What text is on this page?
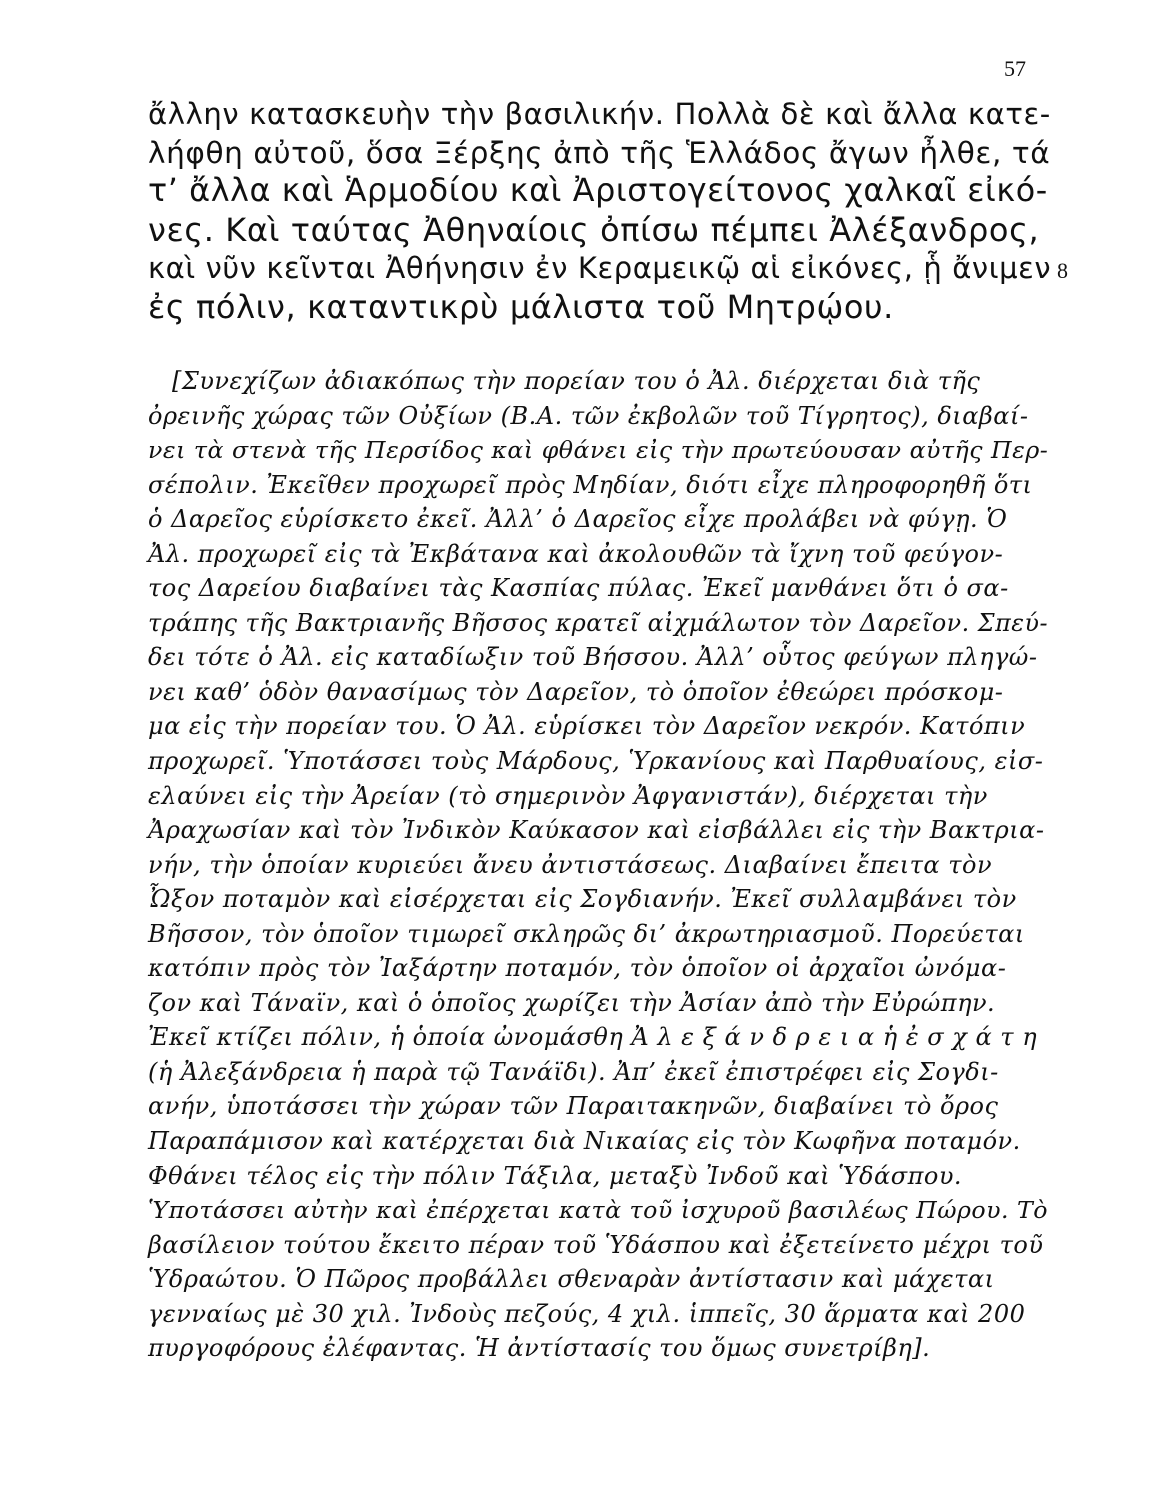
57
8
ἄλλην κατασκευὴν τὴν βασιλικήν. Πολλὰ δὲ καὶ ἄλλα κατε-
λήφθη αὐτοῦ, ὅσα Ξέρξης ἀπὸ τῆς Ἑλλάδος ἄγων ἦλθε, τά
τ’ ἄλλα καὶ Ἁρμοδίου καὶ Ἀριστογείτονος χαλκαῖ εἰκό-
νες. Καὶ ταύτας Ἀθηναίοις ὀπίσω πέμπει Ἀλέξανδρος,
καὶ νῦν κεῖνται Ἀθήνησιν ἐν Κεραμεικῷ αἱ εἰκόνες, ᾗ ἄνιμεν
ἐς πόλιν, καταντικρὺ μάλιστα τοῦ Μητρῴου.
[Συνεχίζων ἀδιακόπως τὴν πορείαν του ὁ Ἀλ. διέρχεται διὰ τῆς
ὀρεινῆς χώρας τῶν Οὐξίων (Β.Α. τῶν ἐκβολῶν τοῦ Τίγρητος), διαβαί-
νει τὰ στενὰ τῆς Περσίδος καὶ φθάνει εἰς τὴν πρωτεύουσαν αὐτῆς Περ-
σέπολιν. Ἐκεῖθεν προχωρεῖ πρὸς Μηδίαν, διότι εἶχε πληροφορηθῆ ὅτι
ὁ Δαρεῖος εὑρίσκετο ἐκεῖ. Ἀλλ’ ὁ Δαρεῖος εἶχε προλάβει νὰ φύγῃ. Ὁ
Ἀλ. προχωρεῖ εἰς τὰ Ἐκβάτανα καὶ ἀκολουθῶν τὰ ἴχνη τοῦ φεύγον-
τος Δαρείου διαβαίνει τὰς Κασπίας πύλας. Ἐκεῖ μανθάνει ὅτι ὁ σα-
τράπης τῆς Βακτριανῆς Βῆσσος κρατεῖ αἰχμάλωτον τὸν Δαρεῖον. Σπεύ-
δει τότε ὁ Ἀλ. εἰς καταδίωξιν τοῦ Βήσσου. Ἀλλ’ οὗτος φεύγων πληγώ-
νει καθ’ ὁδὸν θανασίμως τὸν Δαρεῖον, τὸ ὁποῖον ἐθεώρει πρόσκομ-
μα εἰς τὴν πορείαν του. Ὁ Ἀλ. εὑρίσκει τὸν Δαρεῖον νεκρόν. Κατόπιν
προχωρεῖ. Ὑποτάσσει τοὺς Μάρδους, Ὑρκανίους καὶ Παρθυαίους, εἰσ-
ελαύνει εἰς τὴν Ἀρείαν (τὸ σημερινὸν Ἀφγανιστάν), διέρχεται τὴν
Ἀραχωσίαν καὶ τὸν Ἰνδικὸν Καύκασον καὶ εἰσβάλλει εἰς τὴν Βακτρια-
νήν, τὴν ὁποίαν κυριεύει ἄνευ ἀντιστάσεως. Διαβαίνει ἔπειτα τὸν
Ὦξον ποταμὸν καὶ εἰσέρχεται εἰς Σογδιανήν. Ἐκεῖ συλλαμβάνει τὸν
Βῆσσον, τὸν ὁποῖον τιμωρεῖ σκληρῶς δι’ ἀκρωτηριασμοῦ. Πορεύεται
κατόπιν πρὸς τὸν Ἰαξάρτην ποταμόν, τὸν ὁποῖον οἱ ἀρχαῖοι ὠνόμα-
ζον καὶ Τάναϊν, καὶ ὁ ὁποῖος χωρίζει τὴν Ἀσίαν ἀπὸ τὴν Εὐρώπην.
Ἐκεῖ κτίζει πόλιν, ἡ ὁποία ὠνομάσθη Ἀ λ ε ξ ά ν δ ρ ε ι α ἡ ἐ σ χ ά τ η
(ἡ Ἀλεξάνδρεια ἡ παρὰ τῷ Τανάϊδι). Ἀπ’ ἐκεῖ ἐπιστρέφει εἰς Σογδι-
ανήν, ὑποτάσσει τὴν χώραν τῶν Παραιτακηνῶν, διαβαίνει τὸ ὄρος
Παραπάμισον καὶ κατέρχεται διὰ Νικαίας εἰς τὸν Κωφῆνα ποταμόν.
Φθάνει τέλος εἰς τὴν πόλιν Τάξιλα, μεταξὺ Ἰνδοῦ καὶ Ὑδάσπου.
Ὑποτάσσει αὐτὴν καὶ ἐπέρχεται κατὰ τοῦ ἰσχυροῦ βασιλέως Πώρου. Τὸ
βασίλειον τούτου ἔκειτο πέραν τοῦ Ὑδάσπου καὶ ἐξετείνετο μέχρι τοῦ
Ὑδραώτου. Ὁ Πῶρος προβάλλει σθεναρὰν ἀντίστασιν καὶ μάχεται
γενναίως μὲ 30 χιλ. Ἰνδοὺς πεζούς, 4 χιλ. ἱππεῖς, 30 ἅρματα καὶ 200
πυργοφόρους ἐλέφαντας. Ἡ ἀντίστασίς του ὅμως συνετρίβη].
